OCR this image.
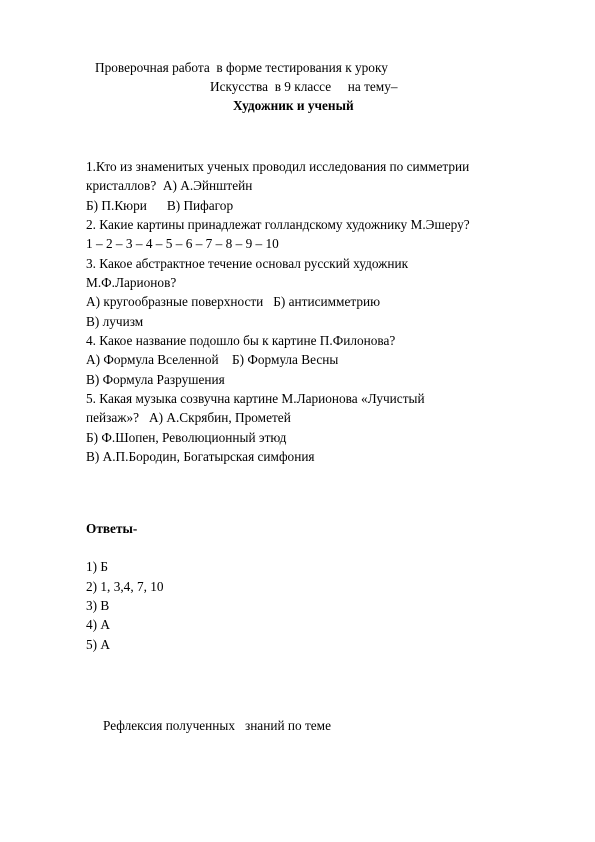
Проверочная работа  в форме тестирования к уроку
Искусства  в 9 классе     на тему–
Художник и ученый
1.Кто из знаменитых ученых проводил исследования по симметрии
кристаллов?  А) А.Эйнштейн
Б) П.Кюри      В) Пифагор
2. Какие картины принадлежат голландскому художнику М.Эшеру?
1 – 2 – 3 – 4 – 5 – 6 – 7 – 8 – 9 – 10
3. Какое абстрактное течение основал русский художник
М.Ф.Ларионов?
А) кругообразные поверхности   Б) антисимметрию
В) лучизм
4. Какое название подошло бы к картине П.Филонова?
А) Формула Вселенной    Б) Формула Весны
В) Формула Разрушения
5. Какая музыка созвучна картине М.Ларионова «Лучистый
пейзаж»?   А) А.Скрябин, Прометей
Б) Ф.Шопен, Революционный этюд
В) А.П.Бородин, Богатырская симфония
Ответы-
1) Б
2) 1, 3,4, 7, 10
3) В
4) А
5) А
Рефлексия полученных   знаний по теме
